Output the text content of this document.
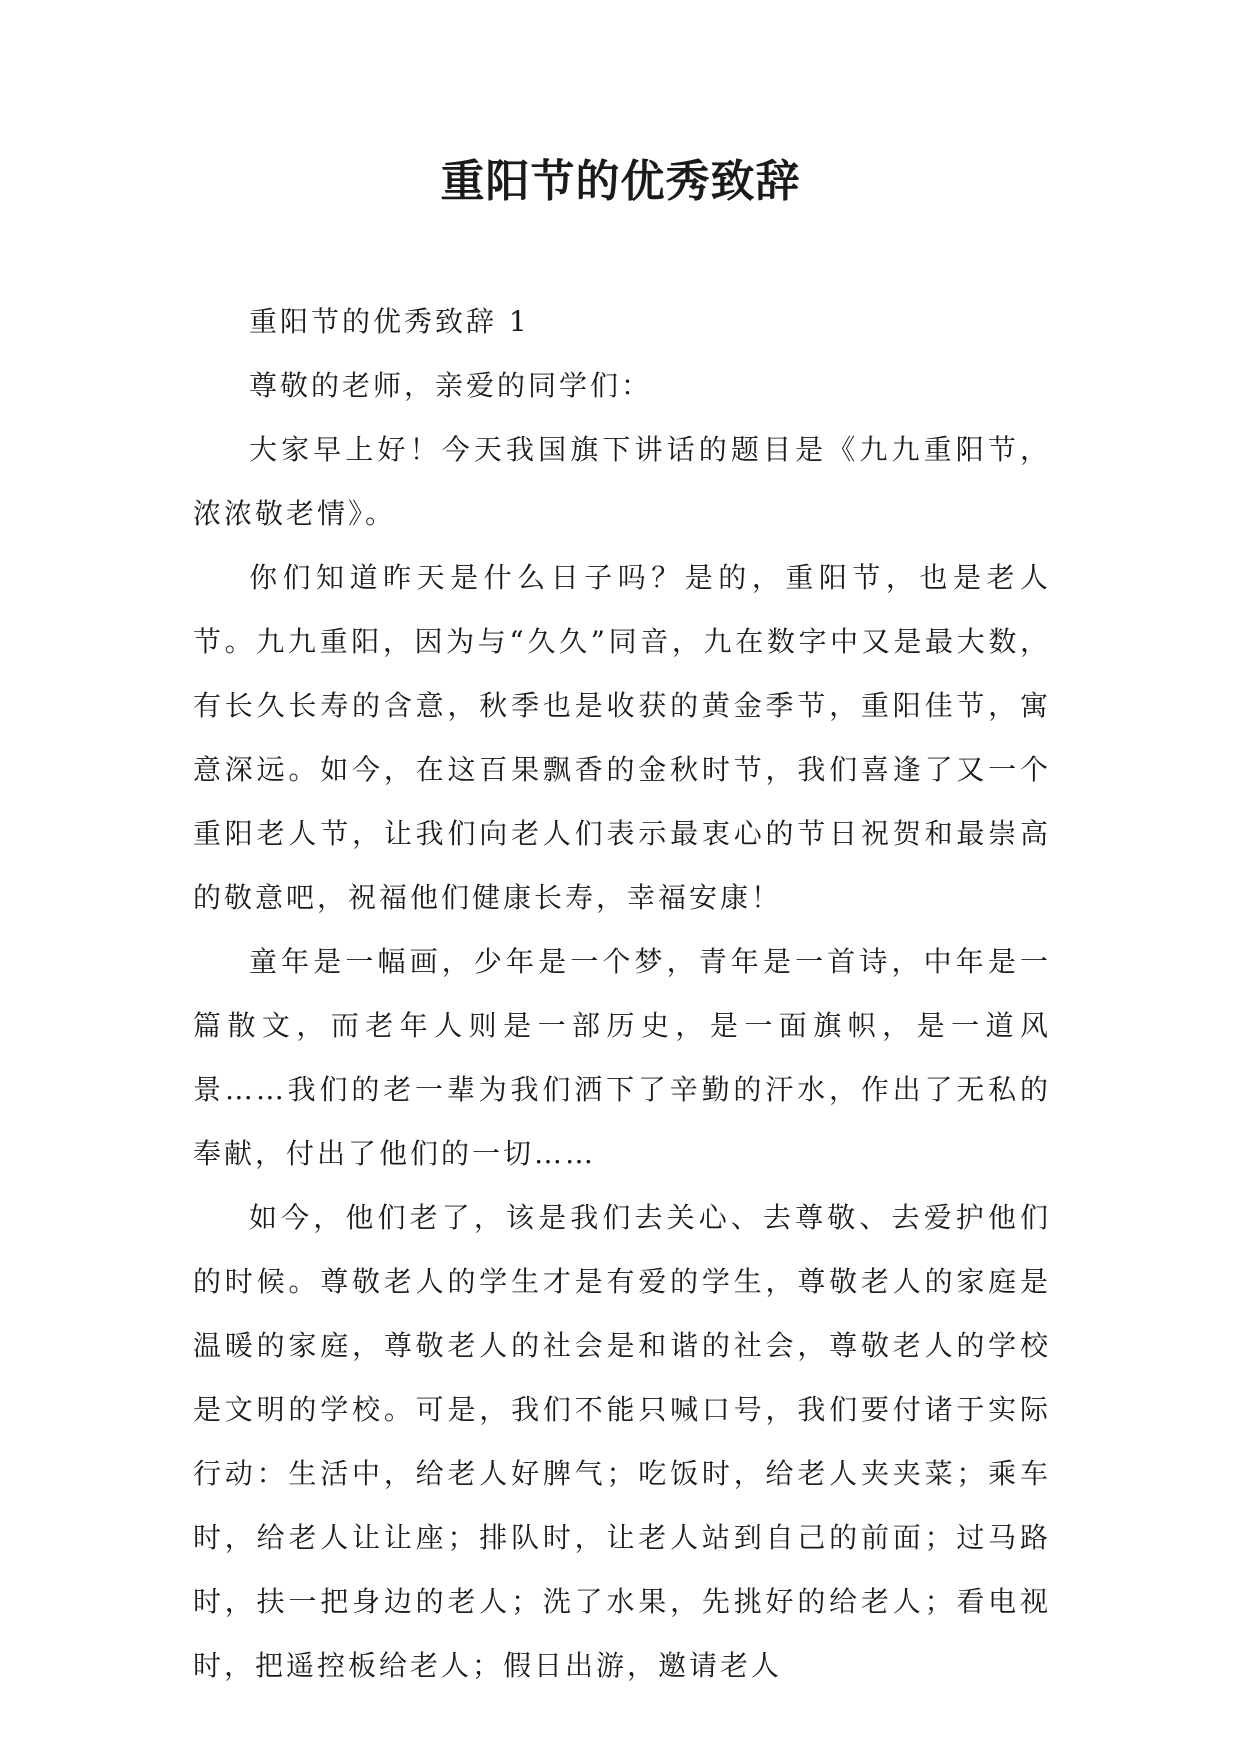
重阳节的优秀致辞

重阳节的优秀致辞 1

尊敬的老师，亲爱的同学们：

大家早上好！今天我国旗下讲话的题目是《九九重阳节，浓浓敬老情》。

你们知道昨天是什么日子吗？是的，重阳节，也是老人节。九九重阳，因为与“久久”同音，九在数字中又是最大数，有长久长寿的含意，秋季也是收获的黄金季节，重阳佳节，寓意深远。如今，在这百果飘香的金秋时节，我们喜逢了又一个重阳老人节，让我们向老人们表示最衷心的节日祝贺和最崇高的敬意吧，祝福他们健康长寿，幸福安康！

童年是一幅画，少年是一个梦，青年是一首诗，中年是一篇散文，而老年人则是一部历史，是一面旗帜，是一道风景……我们的老一辈为我们洒下了辛勤的汗水，作出了无私的奉献，付出了他们的一切……

如今，他们老了，该是我们去关心、去尊敬、去爱护他们的时候。尊敬老人的学生才是有爱的学生，尊敬老人的家庭是温暖的家庭，尊敬老人的社会是和谐的社会，尊敬老人的学校是文明的学校。可是，我们不能只喊口号，我们要付诸于实际行动：生活中，给老人好脾气；吃饭时，给老人夹夹菜；乘车时，给老人让让座；排队时，让老人站到自己的前面；过马路时，扶一把身边的老人；洗了水果，先挑好的给老人；看电视时，把遥控板给老人；假日出游，邀请老人
